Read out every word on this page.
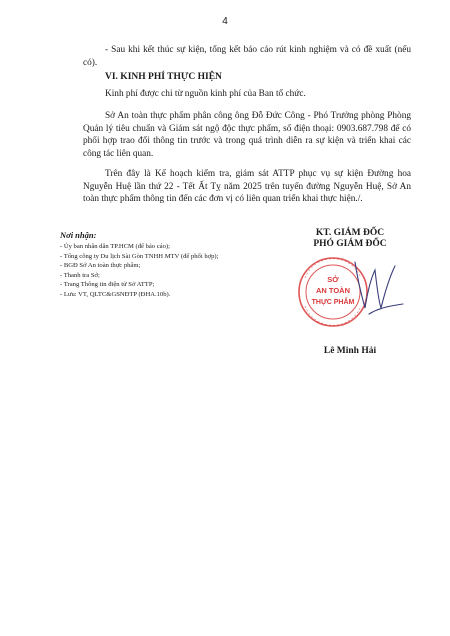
4

- Sau khi kết thúc sự kiện, tổng kết báo cáo rút kinh nghiệm và có đề xuất (nếu có).

VI. KINH PHÍ THỰC HIỆN

Kinh phí được chi từ nguồn kinh phí của Ban tổ chức.

Sở An toàn thực phẩm phân công ông Đỗ Đức Công - Phó Trưởng phòng Phòng Quản lý tiêu chuẩn và Giám sát ngộ độc thực phẩm, số điện thoại: 0903.687.798 để có phối hợp trao đổi thông tin trước và trong quá trình diễn ra sự kiện và triển khai các công tác liên quan.

Trên đây là Kế hoạch kiểm tra, giám sát ATTP phục vụ sự kiện Đường hoa Nguyễn Huệ lần thứ 22 - Tết Ất Tỵ năm 2025 trên tuyến đường Nguyễn Huệ, Sở An toàn thực phẩm thông tin đến các đơn vị có liên quan triển khai thực hiện./.

Nơi nhận:

- Ủy ban nhân dân TP.HCM (để báo cáo);
- Tổng công ty Du lịch Sài Gòn TNHH MTV (để phối hợp);
- BGĐ Sở An toàn thực phẩm;
- Thanh tra Sở;
- Trang Thông tin điện tử Sở ATTP;
- Lưu: VT, QLTC&GSNĐTP (ĐHA.10b).
KT. GIÁM ĐỐC
PHÓ GIÁM ĐỐC
SỞ
AN TOÀN
THỰC PHẨM
Lê Minh Hải
